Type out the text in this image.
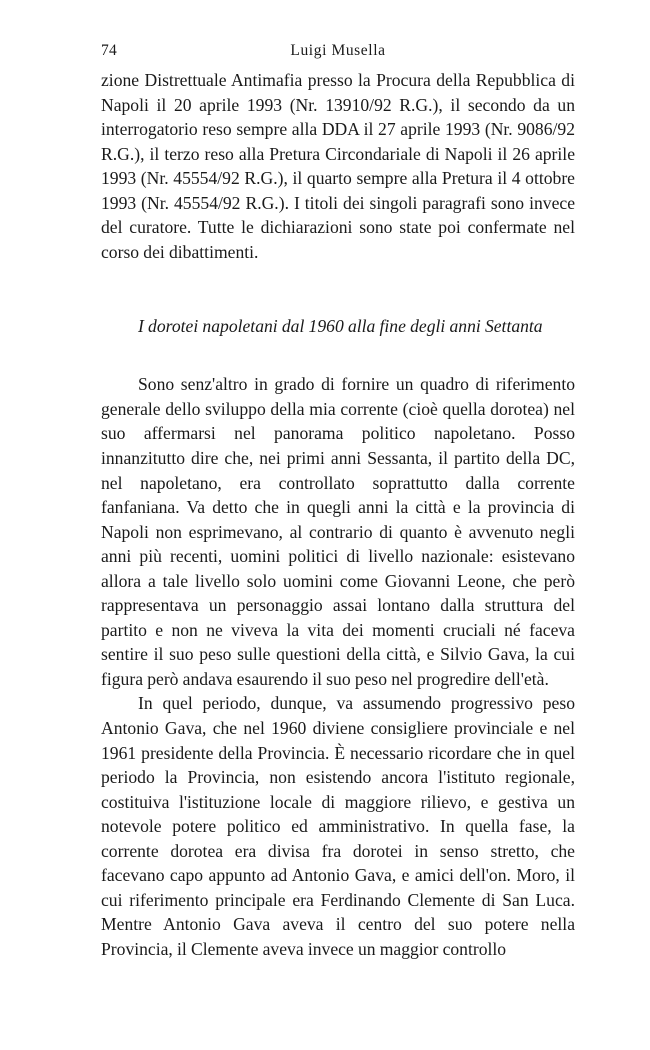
74	Luigi Musella

zione Distrettuale Antimafia presso la Procura della Repubblica di Napoli il 20 aprile 1993 (Nr. 13910/92 R.G.), il secondo da un interrogatorio reso sempre alla DDA il 27 aprile 1993 (Nr. 9086/92 R.G.), il terzo reso alla Pretura Circondariale di Napoli il 26 aprile 1993 (Nr. 45554/92 R.G.), il quarto sempre alla Pretura il 4 ottobre 1993 (Nr. 45554/92 R.G.). I titoli dei singoli paragrafi sono invece del curatore. Tutte le dichiarazioni sono state poi confermate nel corso dei dibattimenti.

I dorotei napoletani dal 1960 alla fine degli anni Settanta

Sono senz'altro in grado di fornire un quadro di riferimento generale dello sviluppo della mia corrente (cioè quella dorotea) nel suo affermarsi nel panorama politico napoletano. Posso innanzitutto dire che, nei primi anni Sessanta, il partito della DC, nel napoletano, era controllato soprattutto dalla corrente fanfaniana. Va detto che in quegli anni la città e la provincia di Napoli non esprimevano, al contrario di quanto è avvenuto negli anni più recenti, uomini politici di livello nazionale: esistevano allora a tale livello solo uomini come Giovanni Leone, che però rappresentava un personaggio assai lontano dalla struttura del partito e non ne viveva la vita dei momenti cruciali né faceva sentire il suo peso sulle questioni della città, e Silvio Gava, la cui figura però andava esaurendo il suo peso nel progredire dell'età.

In quel periodo, dunque, va assumendo progressivo peso Antonio Gava, che nel 1960 diviene consigliere provinciale e nel 1961 presidente della Provincia. È necessario ricordare che in quel periodo la Provincia, non esistendo ancora l'istituto regionale, costituiva l'istituzione locale di maggiore rilievo, e gestiva un notevole potere politico ed amministrativo. In quella fase, la corrente dorotea era divisa fra dorotei in senso stretto, che facevano capo appunto ad Antonio Gava, e amici dell'on. Moro, il cui riferimento principale era Ferdinando Clemente di San Luca. Mentre Antonio Gava aveva il centro del suo potere nella Provincia, il Clemente aveva invece un maggior controllo
